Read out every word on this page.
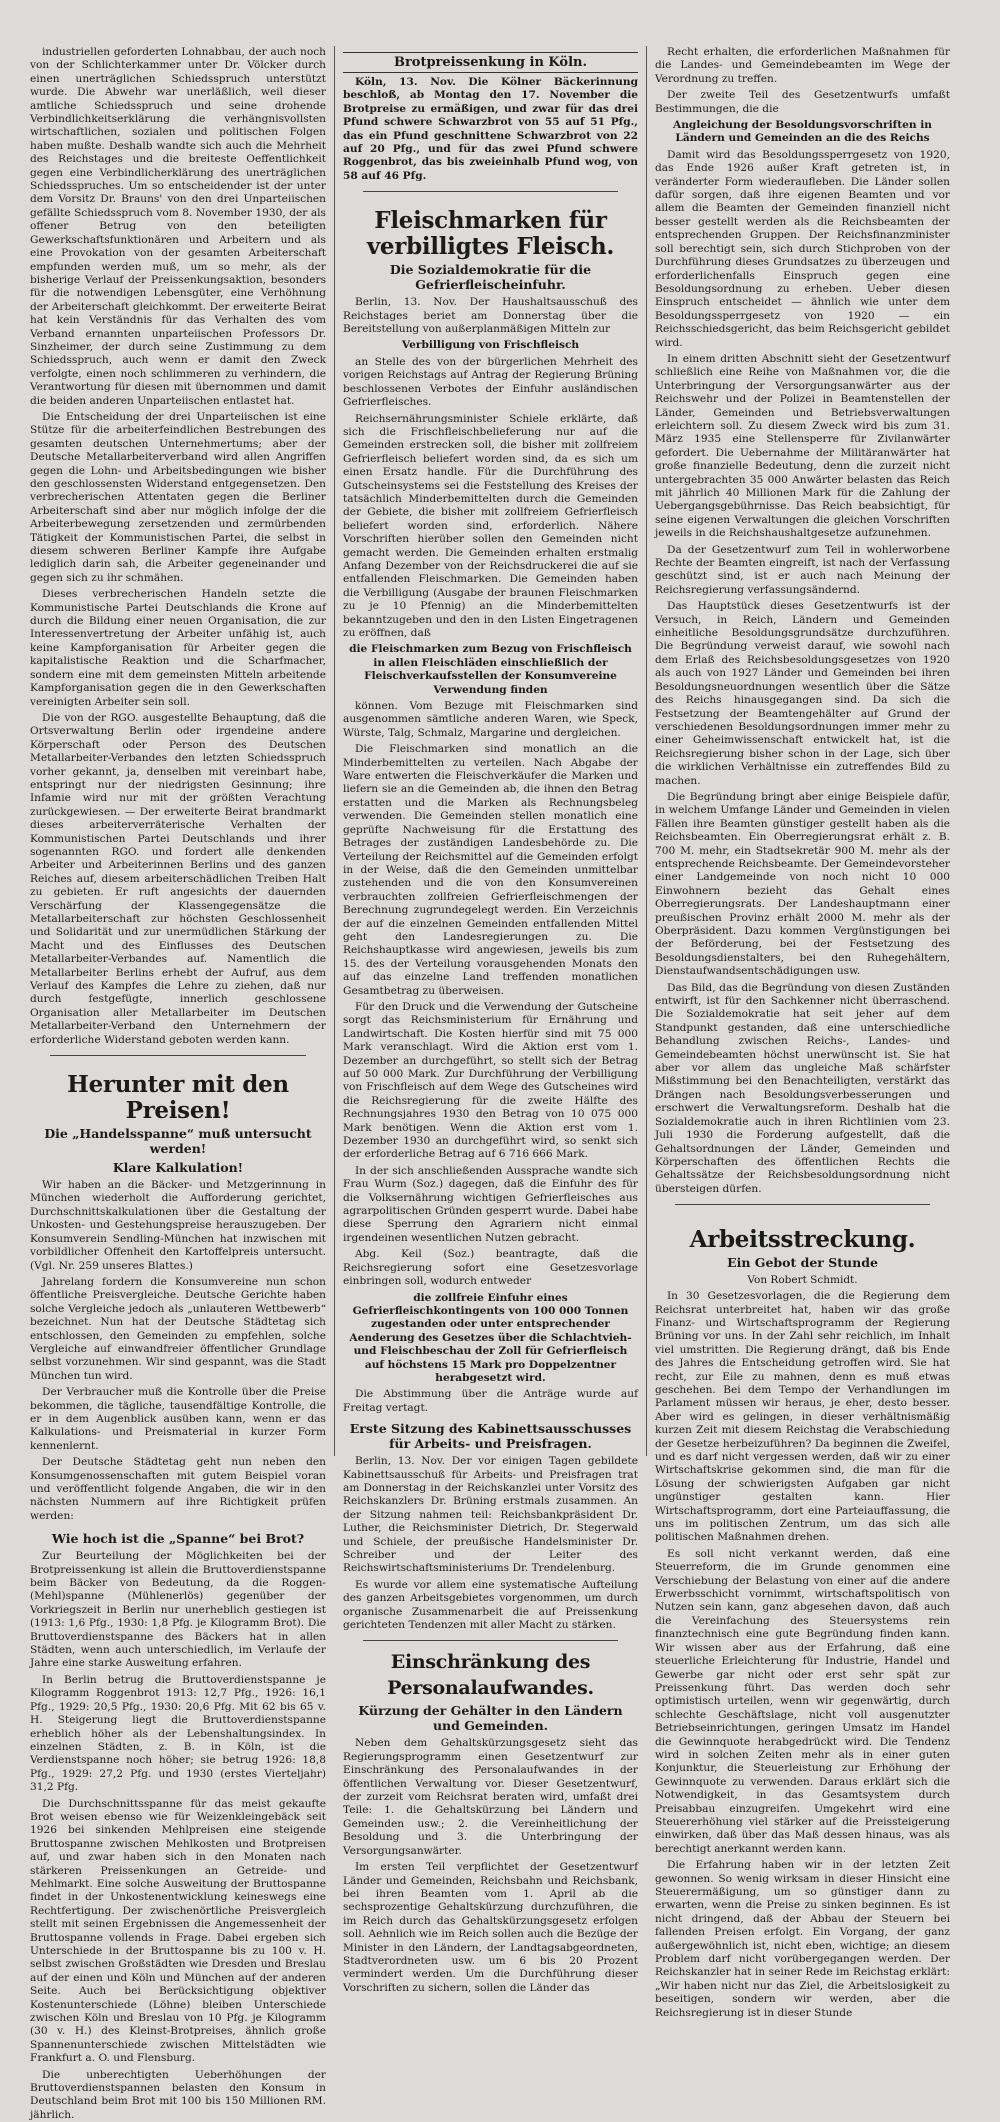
industriellen geforderten Lohnabbau, der auch noch von der Schlichterkammer unter Dr. Völcker durch einen unerträglichen Schiedsspruch unterstützt wurde. Die Abwehr war unerläßlich, weil dieser amtliche Schiedsspruch und seine drohende Verbindlichkeitserklärung die verhängnisvollsten wirtschaftlichen, sozialen und politischen Folgen haben mußte. Deshalb wandte sich auch die Mehrheit des Reichstages und die breiteste Oeffentlichkeit gegen eine Verbindlicherklärung des unerträglichen Schiedsspruches. Um so entscheidender ist der unter dem Vorsitz Dr. Brauns' von den drei Unparteiischen gefällte Schiedsspruch vom 8. November 1930, der als offener Betrug von den beteiligten Gewerkschaftsfunktionären und Arbeitern und als eine Provokation von der gesamten Arbeiterschaft empfunden werden muß, um so mehr, als der bisherige Verlauf der Preissenkungsaktion, besonders für die notwendigen Lebensgüter, eine Verhöhnung der Arbeiterschaft gleichkommt. Der erweiterte Beirat hat kein Verständnis für das Verhalten des vom Verband ernannten unparteiischen Professors Dr. Sinzheimer, der durch seine Zustimmung zu dem Schiedsspruch, auch wenn er damit den Zweck verfolgte, einen noch schlimmeren zu verhindern, die Verantwortung für diesen mit übernommen und damit die beiden anderen Unparteiischen entlastet hat.

Die Entscheidung der drei Unparteiischen ist eine Stütze für die arbeiterfeindlichen Bestrebungen des gesamten deutschen Unternehmertums; aber der Deutsche Metallarbeiterverband wird allen Angriffen gegen die Lohn- und Arbeitsbedingungen wie bisher den geschlossensten Widerstand entgegensetzen. Den verbrecherischen Attentaten gegen die Berliner Arbeiterschaft sind aber nur möglich infolge der die Arbeiterbewegung zersetzenden und zermürbenden Tätigkeit der Kommunistischen Partei, die selbst in diesem schweren Berliner Kampfe ihre Aufgabe lediglich darin sah, die Arbeiter gegeneinander und gegen sich zu ihr schmähen.

Dieses verbrecherischen Handeln setzte die Kommunistische Partei Deutschlands die Krone auf durch die Bildung einer neuen Organisation, die zur Interessenvertretung der Arbeiter unfähig ist, auch keine Kampforganisation für Arbeiter gegen die kapitalistische Reaktion und die Scharfmacher, sondern eine mit dem gemeinsten Mitteln arbeitende Kampforganisation gegen die in den Gewerkschaften vereinigten Arbeiter sein soll.

Die von der RGO. ausgestellte Behauptung, daß die Ortsverwaltung Berlin oder irgendeine andere Körperschaft oder Person des Deutschen Metallarbeiter-Verbandes den letzten Schiedsspruch vorher gekannt, ja, denselben mit vereinbart habe, entspringt nur der niedrigsten Gesinnung; ihre Infamie wird nur mit der größten Verachtung zurückgewiesen. — Der erweiterte Beirat brandmarkt dieses arbeiterverräterische Verhalten der Kommunistischen Partei Deutschlands und ihrer sogenannten RGO. und fordert alle denkenden Arbeiter und Arbeiterinnen Berlins und des ganzen Reiches auf, diesem arbeiterschädlichen Treiben Halt zu gebieten. Er ruft angesichts der dauernden Verschärfung der Klassengegensätze die Metallarbeiterschaft zur höchsten Geschlossenheit und Solidarität und zur unermüdlichen Stärkung der Macht und des Einflusses des Deutschen Metallarbeiter-Verbandes auf. Namentlich die Metallarbeiter Berlins erhebt der Aufruf, aus dem Verlauf des Kampfes die Lehre zu ziehen, daß nur durch festgefügte, innerlich geschlossene Organisation aller Metallarbeiter im Deutschen Metallarbeiter-Verband den Unternehmern der erforderliche Widerstand geboten werden kann.

Herunter mit den Preisen!
Die „Handelsspanne“ muß untersucht werden!
Klare Kalkulation!

Wir haben an die Bäcker- und Metzgerinnung in München wiederholt die Aufforderung gerichtet, Durchschnittskalkulationen über die Gestaltung der Unkosten- und Gestehungspreise herauszugeben. Der Konsumverein Sendling-München hat inzwischen mit vorbildlicher Offenheit den Kartoffelpreis untersucht. (Vgl. Nr. 259 unseres Blattes.)

Jahrelang fordern die Konsumvereine nun schon öffentliche Preisvergleiche. Deutsche Gerichte haben solche Vergleiche jedoch als „unlauteren Wettbewerb“ bezeichnet. Nun hat der Deutsche Städtetag sich entschlossen, den Gemeinden zu empfehlen, solche Vergleiche auf einwandfreier öffentlicher Grundlage selbst vorzunehmen. Wir sind gespannt, was die Stadt München tun wird.

Der Verbraucher muß die Kontrolle über die Preise bekommen, die tägliche, tausendfältige Kontrolle, die er in dem Augenblick ausüben kann, wenn er das Kalkulations- und Preismaterial in kurzer Form kennenlernt.

Der Deutsche Städtetag geht nun neben den Konsumgenossenschaften mit gutem Beispiel voran und veröffentlicht folgende Angaben, die wir in den nächsten Nummern auf ihre Richtigkeit prüfen werden:

Wie hoch ist die „Spanne“ bei Brot?

Zur Beurteilung der Möglichkeiten bei der Brotpreissenkung ist allein die Bruttoverdienstspanne beim Bäcker von Bedeutung, da die Roggen-(Mehl)spanne (Mühlenerlös) gegenüber der Vorkriegszeit in Berlin nur unerheblich gestiegen ist (1913: 1,6 Pfg., 1930: 1,8 Pfg. je Kilogramm Brot). Die Bruttoverdienstspanne des Bäckers hat in allen Städten, wenn auch unterschiedlich, im Verlaufe der Jahre eine starke Ausweitung erfahren.

In Berlin betrug die Bruttoverdienstspanne je Kilogramm Roggenbrot 1913: 12,7 Pfg., 1926: 16,1 Pfg., 1929: 20,5 Pfg., 1930: 20,6 Pfg. Mit 62 bis 65 v. H. Steigerung liegt die Bruttoverdienstspanne erheblich höher als der Lebenshaltungsindex. In einzelnen Städten, z. B. in Köln, ist die Verdienstspanne noch höher; sie betrug 1926: 18,8 Pfg., 1929: 27,2 Pfg. und 1930 (erstes Vierteljahr) 31,2 Pfg.

Die Durchschnittsspanne für das meist gekaufte Brot weisen ebenso wie für Weizenkleingebäck seit 1926 bei sinkenden Mehlpreisen eine steigende Bruttospanne zwischen Mehlkosten und Brotpreisen auf, und zwar haben sich in den Monaten nach stärkeren Preissenkungen an Getreide- und Mehlmarkt. Eine solche Ausweitung der Bruttospanne findet in der Unkostenentwicklung keineswegs eine Rechtfertigung. Der zwischenörtliche Preisvergleich stellt mit seinen Ergebnissen die Angemessenheit der Bruttospanne vollends in Frage. Dabei ergeben sich Unterschiede in der Bruttospanne bis zu 100 v. H. selbst zwischen Großstädten wie Dresden und Breslau auf der einen und Köln und München auf der anderen Seite. Auch bei Berücksichtigung objektiver Kostenunterschiede (Löhne) bleiben Unterschiede zwischen Köln und Breslau von 10 Pfg. je Kilogramm (30 v. H.) des Kleinst-Brotpreises, ähnlich große Spannenunterschiede zwischen Mittelstädten wie Frankfurt a. O. und Flensburg.

Die unberechtigten Ueberhöhungen der Bruttoverdienstspannen belasten den Konsum in Deutschland beim Brot mit 100 bis 150 Millionen RM. jährlich.

Brotpreissenkung in Köln.

Köln, 13. Nov. Die Kölner Bäckerinnung beschloß, ab Montag den 17. November die Brotpreise zu ermäßigen, und zwar für das drei Pfund schwere Schwarzbrot von 55 auf 51 Pfg., das ein Pfund geschnittene Schwarzbrot von 22 auf 20 Pfg., und für das zwei Pfund schwere Roggenbrot, das bis zweieinhalb Pfund wog, von 58 auf 46 Pfg.

Fleischmarken für verbilligtes Fleisch.
Die Sozialdemokratie für die Gefrierfleischeinfuhr.

Berlin, 13. Nov. Der Haushaltsausschuß des Reichstages beriet am Donnerstag über die Bereitstellung von außerplanmäßigen Mitteln zur

Verbilligung von Frischfleisch

an Stelle des von der bürgerlichen Mehrheit des vorigen Reichstags auf Antrag der Regierung Brüning beschlossenen Verbotes der Einfuhr ausländischen Gefrierfleisches.

Reichsernährungsminister Schiele erklärte, daß sich die Frischfleischbelieferung nur auf die Gemeinden erstrecken soll, die bisher mit zollfreiem Gefrierfleisch beliefert worden sind, da es sich um einen Ersatz handle. Für die Durchführung des Gutscheinsystems sei die Feststellung des Kreises der tatsächlich Minderbemittelten durch die Gemeinden der Gebiete, die bisher mit zollfreiem Gefrierfleisch beliefert worden sind, erforderlich. Nähere Vorschriften hierüber sollen den Gemeinden nicht gemacht werden. Die Gemeinden erhalten erstmalig Anfang Dezember von der Reichsdruckerei die auf sie entfallenden Fleischmarken. Die Gemeinden haben die Verbilligung (Ausgabe der braunen Fleischmarken zu je 10 Pfennig) an die Minderbemittelten bekanntzugeben und den in den Listen Eingetragenen zu eröffnen, daß

die Fleischmarken zum Bezug von Frischfleisch in allen Fleischläden einschließlich der Fleischverkaufsstellen der Konsumvereine Verwendung finden

können. Vom Bezuge mit Fleischmarken sind ausgenommen sämtliche anderen Waren, wie Speck, Würste, Talg, Schmalz, Margarine und dergleichen.

Die Fleischmarken sind monatlich an die Minderbemittelten zu verteilen. Nach Abgabe der Ware entwerten die Fleischverkäufer die Marken und liefern sie an die Gemeinden ab, die ihnen den Betrag erstatten und die Marken als Rechnungsbeleg verwenden. Die Gemeinden stellen monatlich eine geprüfte Nachweisung für die Erstattung des Betrages der zuständigen Landesbehörde zu. Die Verteilung der Reichsmittel auf die Gemeinden erfolgt in der Weise, daß die den Gemeinden unmittelbar zustehenden und die von den Konsumvereinen verbrauchten zollfreien Gefrierfleischmengen der Berechnung zugrundegelegt werden. Ein Verzeichnis der auf die einzelnen Gemeinden entfallenden Mittel geht den Landesregierungen zu. Die Reichshauptkasse wird angewiesen, jeweils bis zum 15. des der Verteilung vorausgehenden Monats den auf das einzelne Land treffenden monatlichen Gesamtbetrag zu überweisen.

Für den Druck und die Verwendung der Gutscheine sorgt das Reichsministerium für Ernährung und Landwirtschaft. Die Kosten hierfür sind mit 75 000 Mark veranschlagt. Wird die Aktion erst vom 1. Dezember an durchgeführt, so stellt sich der Betrag auf 50 000 Mark. Zur Durchführung der Verbilligung von Frischfleisch auf dem Wege des Gutscheines wird die Reichsregierung für die zweite Hälfte des Rechnungsjahres 1930 den Betrag von 10 075 000 Mark benötigen. Wenn die Aktion erst vom 1. Dezember 1930 an durchgeführt wird, so senkt sich der erforderliche Betrag auf 6 716 666 Mark.

In der sich anschließenden Aussprache wandte sich Frau Wurm (Soz.) dagegen, daß die Einfuhr des für die Volksernährung wichtigen Gefrierfleisches aus agrarpolitischen Gründen gesperrt wurde. Dabei habe diese Sperrung den Agrariern nicht einmal irgendeinen wesentlichen Nutzen gebracht.

Abg. Keil (Soz.) beantragte, daß die Reichsregierung sofort eine Gesetzesvorlage einbringen soll, wodurch entweder

die zollfreie Einfuhr eines Gefrierfleischkontingents von 100 000 Tonnen zugestanden oder unter entsprechender Aenderung des Gesetzes über die Schlachtvieh- und Fleischbeschau der Zoll für Gefrierfleisch auf höchstens 15 Mark pro Doppelzentner herabgesetzt wird.

Die Abstimmung über die Anträge wurde auf Freitag vertagt.

Erste Sitzung des Kabinettsausschusses für Arbeits- und Preisfragen.

Berlin, 13. Nov. Der vor einigen Tagen gebildete Kabinettsausschuß für Arbeits- und Preisfragen trat am Donnerstag in der Reichskanzlei unter Vorsitz des Reichskanzlers Dr. Brüning erstmals zusammen. An der Sitzung nahmen teil: Reichsbankpräsident Dr. Luther, die Reichsminister Dietrich, Dr. Stegerwald und Schiele, der preußische Handelsminister Dr. Schreiber und der Leiter des Reichswirtschaftsministeriums Dr. Trendelenburg.

Es wurde vor allem eine systematische Aufteilung des ganzen Arbeitsgebietes vorgenommen, um durch organische Zusammenarbeit die auf Preissenkung gerichteten Tendenzen mit aller Macht zu stärken.

Einschränkung des Personalaufwandes.
Kürzung der Gehälter in den Ländern und Gemeinden.

Neben dem Gehaltskürzungsgesetz sieht das Regierungsprogramm einen Gesetzentwurf zur Einschränkung des Personalaufwandes in der öffentlichen Verwaltung vor. Dieser Gesetzentwurf, der zurzeit vom Reichsrat beraten wird, umfaßt drei Teile: 1. die Gehaltskürzung bei Ländern und Gemeinden usw.; 2. die Vereinheitlichung der Besoldung und 3. die Unterbringung der Versorgungsanwärter.

Im ersten Teil verpflichtet der Gesetzentwurf Länder und Gemeinden, Reichsbahn und Reichsbank, bei ihren Beamten vom 1. April ab die sechsprozentige Gehaltskürzung durchzuführen, die im Reich durch das Gehaltskürzungsgesetz erfolgen soll. Aehnlich wie im Reich sollen auch die Bezüge der Minister in den Ländern, der Landtagsabgeordneten, Stadtverordneten usw. um 6 bis 20 Prozent vermindert werden. Um die Durchführung dieser Vorschriften zu sichern, sollen die Länder das

Recht erhalten, die erforderlichen Maßnahmen für die Landes- und Gemeindebeamten im Wege der Verordnung zu treffen.

Der zweite Teil des Gesetzentwurfs umfaßt Bestimmungen, die die

Angleichung der Besoldungsvorschriften in Ländern und Gemeinden an die des Reichs

Damit wird das Besoldungssperrgesetz von 1920, das Ende 1926 außer Kraft getreten ist, in veränderter Form wiederaufleben. Die Länder sollen dafür sorgen, daß ihre eigenen Beamten und vor allem die Beamten der Gemeinden finanziell nicht besser gestellt werden als die Reichsbeamten der entsprechenden Gruppen. Der Reichsfinanzminister soll berechtigt sein, sich durch Stichproben von der Durchführung dieses Grundsatzes zu überzeugen und erforderlichenfalls Einspruch gegen eine Besoldungsordnung zu erheben. Ueber diesen Einspruch entscheidet — ähnlich wie unter dem Besoldungssperrgesetz von 1920 — ein Reichsschiedsgericht, das beim Reichsgericht gebildet wird.

In einem dritten Abschnitt sieht der Gesetzentwurf schließlich eine Reihe von Maßnahmen vor, die die Unterbringung der Versorgungsanwärter aus der Reichswehr und der Polizei in Beamtenstellen der Länder, Gemeinden und Betriebsverwaltungen erleichtern soll. Zu diesem Zweck wird bis zum 31. März 1935 eine Stellensperre für Zivilanwärter gefordert. Die Uebernahme der Militäranwärter hat große finanzielle Bedeutung, denn die zurzeit nicht untergebrachten 35 000 Anwärter belasten das Reich mit jährlich 40 Millionen Mark für die Zahlung der Uebergangsgebührnisse. Das Reich beabsichtigt, für seine eigenen Verwaltungen die gleichen Vorschriften jeweils in die Reichshaushaltgesetze aufzunehmen.

Da der Gesetzentwurf zum Teil in wohlerworbene Rechte der Beamten eingreift, ist nach der Verfassung geschützt sind, ist er auch nach Meinung der Reichsregierung verfassungsändernd.

Das Hauptstück dieses Gesetzentwurfs ist der Versuch, in Reich, Ländern und Gemeinden einheitliche Besoldungsgrundsätze durchzuführen. Die Begründung verweist darauf, wie sowohl nach dem Erlaß des Reichsbesoldungsgesetzes von 1920 als auch von 1927 Länder und Gemeinden bei ihren Besoldungsneuordnungen wesentlich über die Sätze des Reichs hinausgegangen sind. Da sich die Festsetzung der Beamtengehälter auf Grund der verschiedenen Besoldungsordnungen immer mehr zu einer Geheimwissenschaft entwickelt hat, ist die Reichsregierung bisher schon in der Lage, sich über die wirklichen Verhältnisse ein zutreffendes Bild zu machen.

Die Begründung bringt aber einige Beispiele dafür, in welchem Umfange Länder und Gemeinden in vielen Fällen ihre Beamten günstiger gestellt haben als die Reichsbeamten. Ein Oberregierungsrat erhält z. B. 700 M. mehr, ein Stadtsekretär 900 M. mehr als der entsprechende Reichsbeamte. Der Gemeindevorsteher einer Landgemeinde von noch nicht 10 000 Einwohnern bezieht das Gehalt eines Oberregierungsrats. Der Landeshauptmann einer preußischen Provinz erhält 2000 M. mehr als der Oberpräsident. Dazu kommen Vergünstigungen bei der Beförderung, bei der Festsetzung des Besoldungsdienstalters, bei den Ruhegehältern, Dienstaufwandsentschädigungen usw.

Das Bild, das die Begründung von diesen Zuständen entwirft, ist für den Sachkenner nicht überraschend. Die Sozialdemokratie hat seit jeher auf dem Standpunkt gestanden, daß eine unterschiedliche Behandlung zwischen Reichs-, Landes- und Gemeindebeamten höchst unerwünscht ist. Sie hat aber vor allem das ungleiche Maß schärfster Mißstimmung bei den Benachteiligten, verstärkt das Drängen nach Besoldungsverbesserungen und erschwert die Verwaltungsreform. Deshalb hat die Sozialdemokratie auch in ihren Richtlinien vom 23. Juli 1930 die Forderung aufgestellt, daß die Gehaltsordnungen der Länder, Gemeinden und Körperschaften des öffentlichen Rechts die Gehaltssätze der Reichsbesoldungsordnung nicht übersteigen dürfen.

Arbeitsstreckung.
Ein Gebot der Stunde
Von Robert Schmidt.

In 30 Gesetzesvorlagen, die die Regierung dem Reichsrat unterbreitet hat, haben wir das große Finanz- und Wirtschaftsprogramm der Regierung Brüning vor uns. In der Zahl sehr reichlich, im Inhalt viel umstritten. Die Regierung drängt, daß bis Ende des Jahres die Entscheidung getroffen wird. Sie hat recht, zur Eile zu mahnen, denn es muß etwas geschehen. Bei dem Tempo der Verhandlungen im Parlament müssen wir heraus, je eher, desto besser. Aber wird es gelingen, in dieser verhältnismäßig kurzen Zeit mit diesem Reichstag die Verabschiedung der Gesetze herbeizuführen? Da beginnen die Zweifel, und es darf nicht vergessen werden, daß wir zu einer Wirtschaftskrise gekommen sind, die man für die Lösung der schwierigsten Aufgaben gar nicht ungünstiger gestalten kann. Hier Wirtschaftsprogramm, dort eine Parteiauffassung, die uns im politischen Zentrum, um das sich alle politischen Maßnahmen drehen.

Es soll nicht verkannt werden, daß eine Steuerreform, die im Grunde genommen eine Verschiebung der Belastung von einer auf die andere Erwerbsschicht vornimmt, wirtschaftspolitisch von Nutzen sein kann, ganz abgesehen davon, daß auch die Vereinfachung des Steuersystems rein finanztechnisch eine gute Begründung finden kann. Wir wissen aber aus der Erfahrung, daß eine steuerliche Erleichterung für Industrie, Handel und Gewerbe gar nicht oder erst sehr spät zur Preissenkung führt. Das werden doch sehr optimistisch urteilen, wenn wir gegenwärtig, durch schlechte Geschäftslage, nicht voll ausgenutzter Betriebseinrichtungen, geringen Umsatz im Handel die Gewinnquote herabgedrückt wird. Die Tendenz wird in solchen Zeiten mehr als in einer guten Konjunktur, die Steuerleistung zur Erhöhung der Gewinnquote zu verwenden. Daraus erklärt sich die Notwendigkeit, in das Gesamtsystem durch Preisabbau einzugreifen. Umgekehrt wird eine Steuererhöhung viel stärker auf die Preissteigerung einwirken, daß über das Maß dessen hinaus, was als berechtigt anerkannt werden kann.

Die Erfahrung haben wir in der letzten Zeit gewonnen. So wenig wirksam in dieser Hinsicht eine Steuerermäßigung, um so günstiger dann zu erwarten, wenn die Preise zu sinken beginnen. Es ist nicht dringend, daß der Abbau der Steuern bei fallenden Preisen erfolgt. Ein Vorgang, der ganz außergewöhnlich ist, nicht eben, wichtige; an diesem Problem darf nicht vorübergegangen werden. Der Reichskanzler hat in seiner Rede im Reichstag erklärt: „Wir haben nicht nur das Ziel, die Arbeitslosigkeit zu beseitigen, sondern wir werden, aber die Reichsregierung ist in dieser Stunde
